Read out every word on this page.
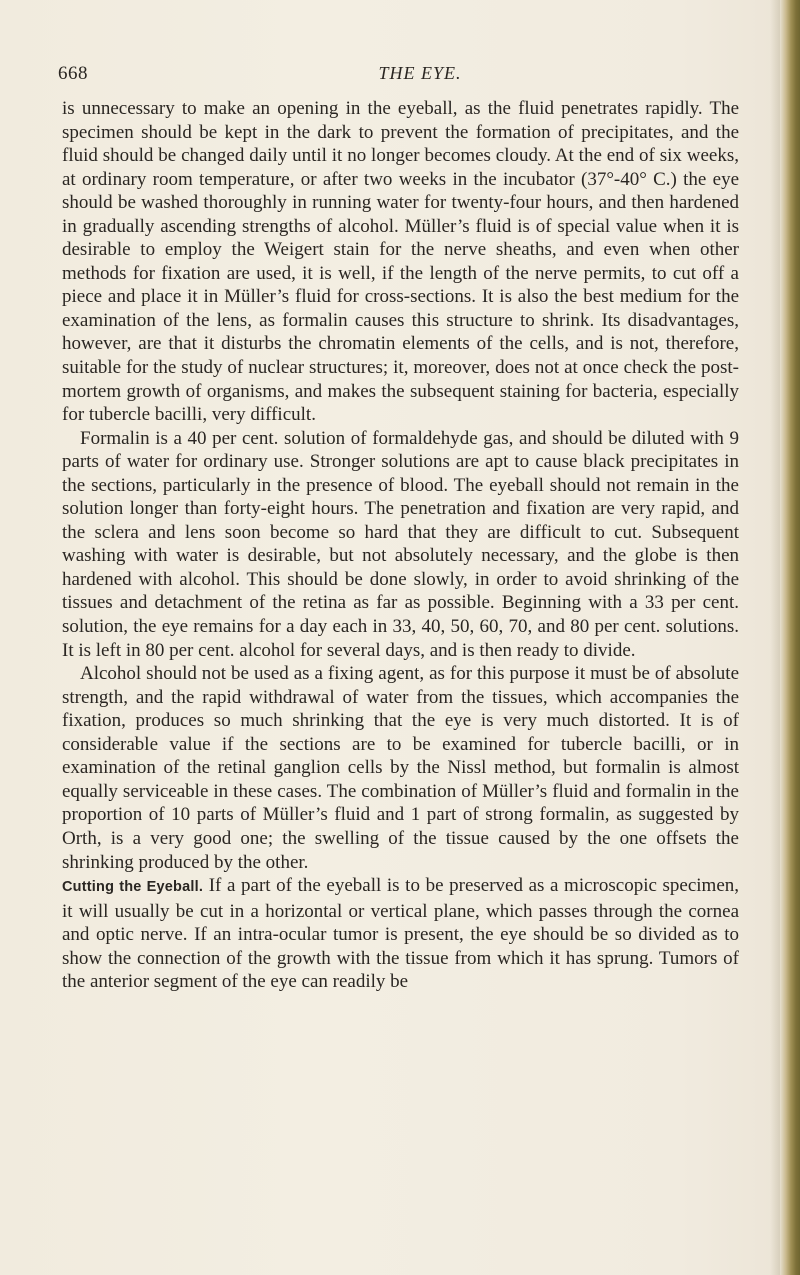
668	THE EYE.

is unnecessary to make an opening in the eyeball, as the fluid penetrates rapidly. The specimen should be kept in the dark to prevent the formation of precipitates, and the fluid should be changed daily until it no longer becomes cloudy. At the end of six weeks, at ordinary room temperature, or after two weeks in the incubator (37°-40° C.) the eye should be washed thoroughly in running water for twenty-four hours, and then hardened in gradually ascending strengths of alcohol. Müller’s fluid is of special value when it is desirable to employ the Weigert stain for the nerve sheaths, and even when other methods for fixation are used, it is well, if the length of the nerve permits, to cut off a piece and place it in Müller’s fluid for cross-sections. It is also the best medium for the examination of the lens, as formalin causes this structure to shrink. Its disadvantages, however, are that it disturbs the chromatin elements of the cells, and is not, therefore, suitable for the study of nuclear structures; it, moreover, does not at once check the post-mortem growth of organisms, and makes the subsequent staining for bacteria, especially for tubercle bacilli, very difficult.

Formalin is a 40 per cent. solution of formaldehyde gas, and should be diluted with 9 parts of water for ordinary use. Stronger solutions are apt to cause black precipitates in the sections, particularly in the presence of blood. The eyeball should not remain in the solution longer than forty-eight hours. The penetration and fixation are very rapid, and the sclera and lens soon become so hard that they are difficult to cut. Subsequent washing with water is desirable, but not absolutely necessary, and the globe is then hardened with alcohol. This should be done slowly, in order to avoid shrinking of the tissues and detachment of the retina as far as possible. Beginning with a 33 per cent. solution, the eye remains for a day each in 33, 40, 50, 60, 70, and 80 per cent. solutions. It is left in 80 per cent. alcohol for several days, and is then ready to divide.

Alcohol should not be used as a fixing agent, as for this purpose it must be of absolute strength, and the rapid withdrawal of water from the tissues, which accompanies the fixation, produces so much shrinking that the eye is very much distorted. It is of considerable value if the sections are to be examined for tubercle bacilli, or in examination of the retinal ganglion cells by the Nissl method, but formalin is almost equally serviceable in these cases. The combination of Müller’s fluid and formalin in the proportion of 10 parts of Müller’s fluid and 1 part of strong formalin, as suggested by Orth, is a very good one; the swelling of the tissue caused by the one offsets the shrinking produced by the other.

Cutting the Eyeball. If a part of the eyeball is to be preserved as a microscopic specimen, it will usually be cut in a horizontal or vertical plane, which passes through the cornea and optic nerve. If an intra-ocular tumor is present, the eye should be so divided as to show the connection of the growth with the tissue from which it has sprung. Tumors of the anterior segment of the eye can readily be
